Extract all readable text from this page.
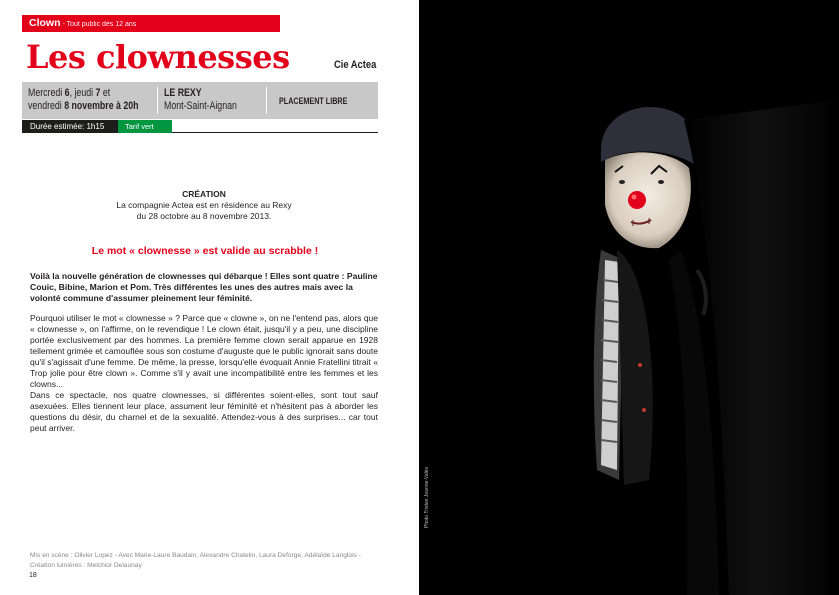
Clown - Tout public dès 12 ans
Les clownesses	Cie Actea
Mercredi 6, jeudi 7 et
vendredi 8 novembre à 20h
LE REXY
Mont-Saint-Aignan	PLACEMENT LIBRE
Durée estimée: 1h15	Tarif vert
CRÉATION
La compagnie Actea est en résidence au Rexy
du 28 octobre au 8 novembre 2013.
Le mot « clownesse » est valide au scrabble !
Voilà la nouvelle génération de clownesses qui débarque ! Elles sont quatre : Pauline Couic, Bibine, Marion et Pom. Très différentes les unes des autres mais avec la volonté commune d'assumer pleinement leur féminité.

Pourquoi utiliser le mot « clownesse » ? Parce que « clowne », on ne l'entend pas, alors que « clownesse », on l'affirme, on le revendique ! Le clown était, jusqu'il y a peu, une discipline portée exclusivement par des hommes. La première femme clown serait apparue en 1928 tellement grimée et camouflée sous son costume d'auguste que le public ignorait sans doute qu'il s'agissait d'une femme. De même, la presse, lorsqu'elle évoquait Annie Fratellini titrait « Trop jolie pour être clown ». Comme s'il y avait une incompatibilité entre les femmes et les clowns...

Dans ce spectacle, nos quatre clownesses, si différentes soient-elles, sont tout sauf asexuées. Elles tiennent leur place, assument leur féminité et n'hésitent pas à aborder les questions du désir, du charnel et de la sexualité. Attendez-vous à des surprises... car tout peut arriver.

Mis en scène : Olivier Lopez - Avec Marie-Laure Baudain, Alexandre Chatelin, Laura Deforge, Adélaïde Langlois - Création lumières : Melchior Delaunay
18
Photo Tristan Jeanne-Valès
